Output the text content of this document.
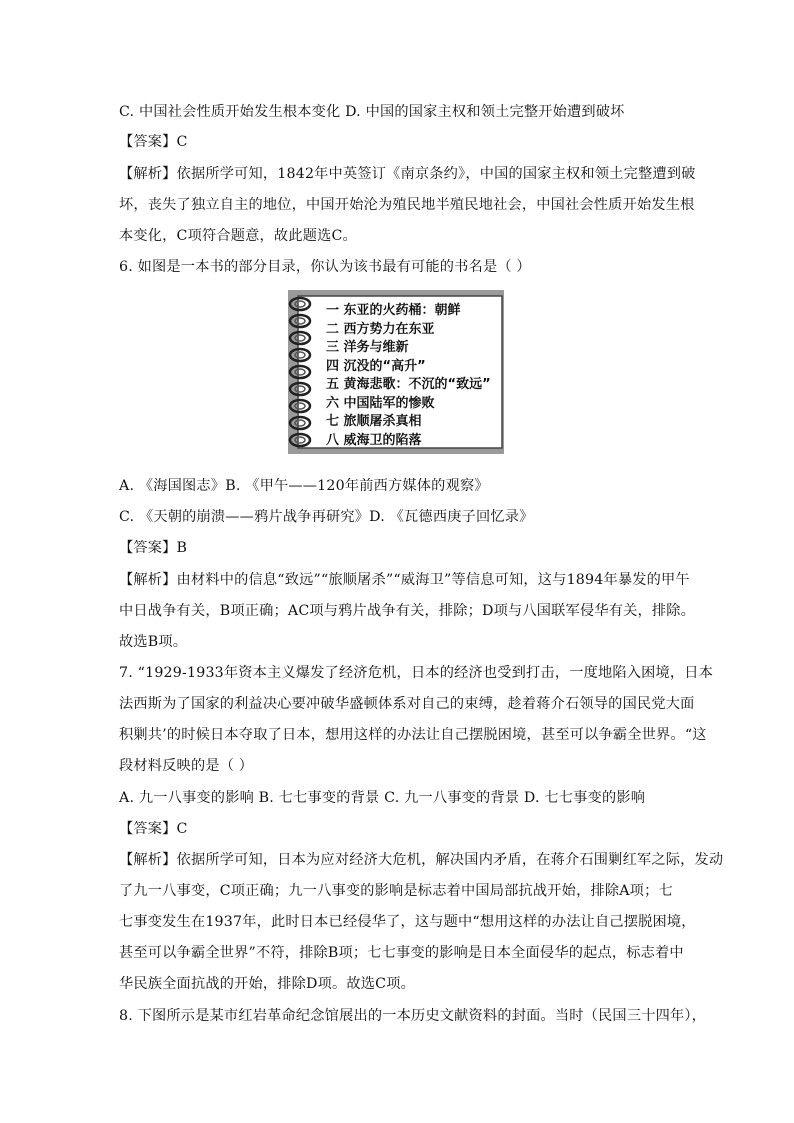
C. 中国社会性质开始发生根本变化 D. 中国的国家主权和领土完整开始遭到破坏
【答案】C
【解析】依据所学可知，1842年中英签订《南京条约》，中国的国家主权和领土完整遭到破
坏，丧失了独立自主的地位，中国开始沦为殖民地半殖民地社会，中国社会性质开始发生根
本变化，C项符合题意，故此题选C。
6. 如图是一本书的部分目录，你认为该书最有可能的书名是（ ）
一 东亚的火药桶：朝鲜
二 西方势力在东亚
三 洋务与维新
四 沉没的“高升”
五 黄海悲歌：不沉的“致远”
六 中国陆军的惨败
七 旅顺屠杀真相
八 威海卫的陷落
A. 《海国图志》B. 《甲午——120年前西方媒体的观察》
C. 《天朝的崩溃——鸦片战争再研究》D. 《瓦德西庚子回忆录》
【答案】B
【解析】由材料中的信息“致远”“旅顺屠杀”“威海卫”等信息可知，这与1894年暴发的甲午
中日战争有关，B项正确；AC项与鸦片战争有关，排除；D项与八国联军侵华有关，排除。
故选B项。
7. “1929-1933年资本主义爆发了经济危机，日本的经济也受到打击，一度地陷入困境，日本
法西斯为了国家的利益决心要冲破华盛顿体系对自己的束缚，趁着蒋介石领导的国民党大面
积剿共’的时候日本夺取了日本，想用这样的办法让自己摆脱困境，甚至可以争霸全世界。“这
段材料反映的是（ ）
A. 九一八事变的影响 B. 七七事变的背景 C. 九一八事变的背景 D. 七七事变的影响
【答案】C
【解析】依据所学可知，日本为应对经济大危机，解决国内矛盾，在蒋介石围剿红军之际，发动
了九一八事变，C项正确；九一八事变的影响是标志着中国局部抗战开始，排除A项；七
七事变发生在1937年，此时日本已经侵华了，这与题中“想用这样的办法让自己摆脱困境，
甚至可以争霸全世界”不符，排除B项；七七事变的影响是日本全面侵华的起点，标志着中
华民族全面抗战的开始，排除D项。故选C项。
8. 下图所示是某市红岩革命纪念馆展出的一本历史文献资料的封面。当时（民国三十四年），
